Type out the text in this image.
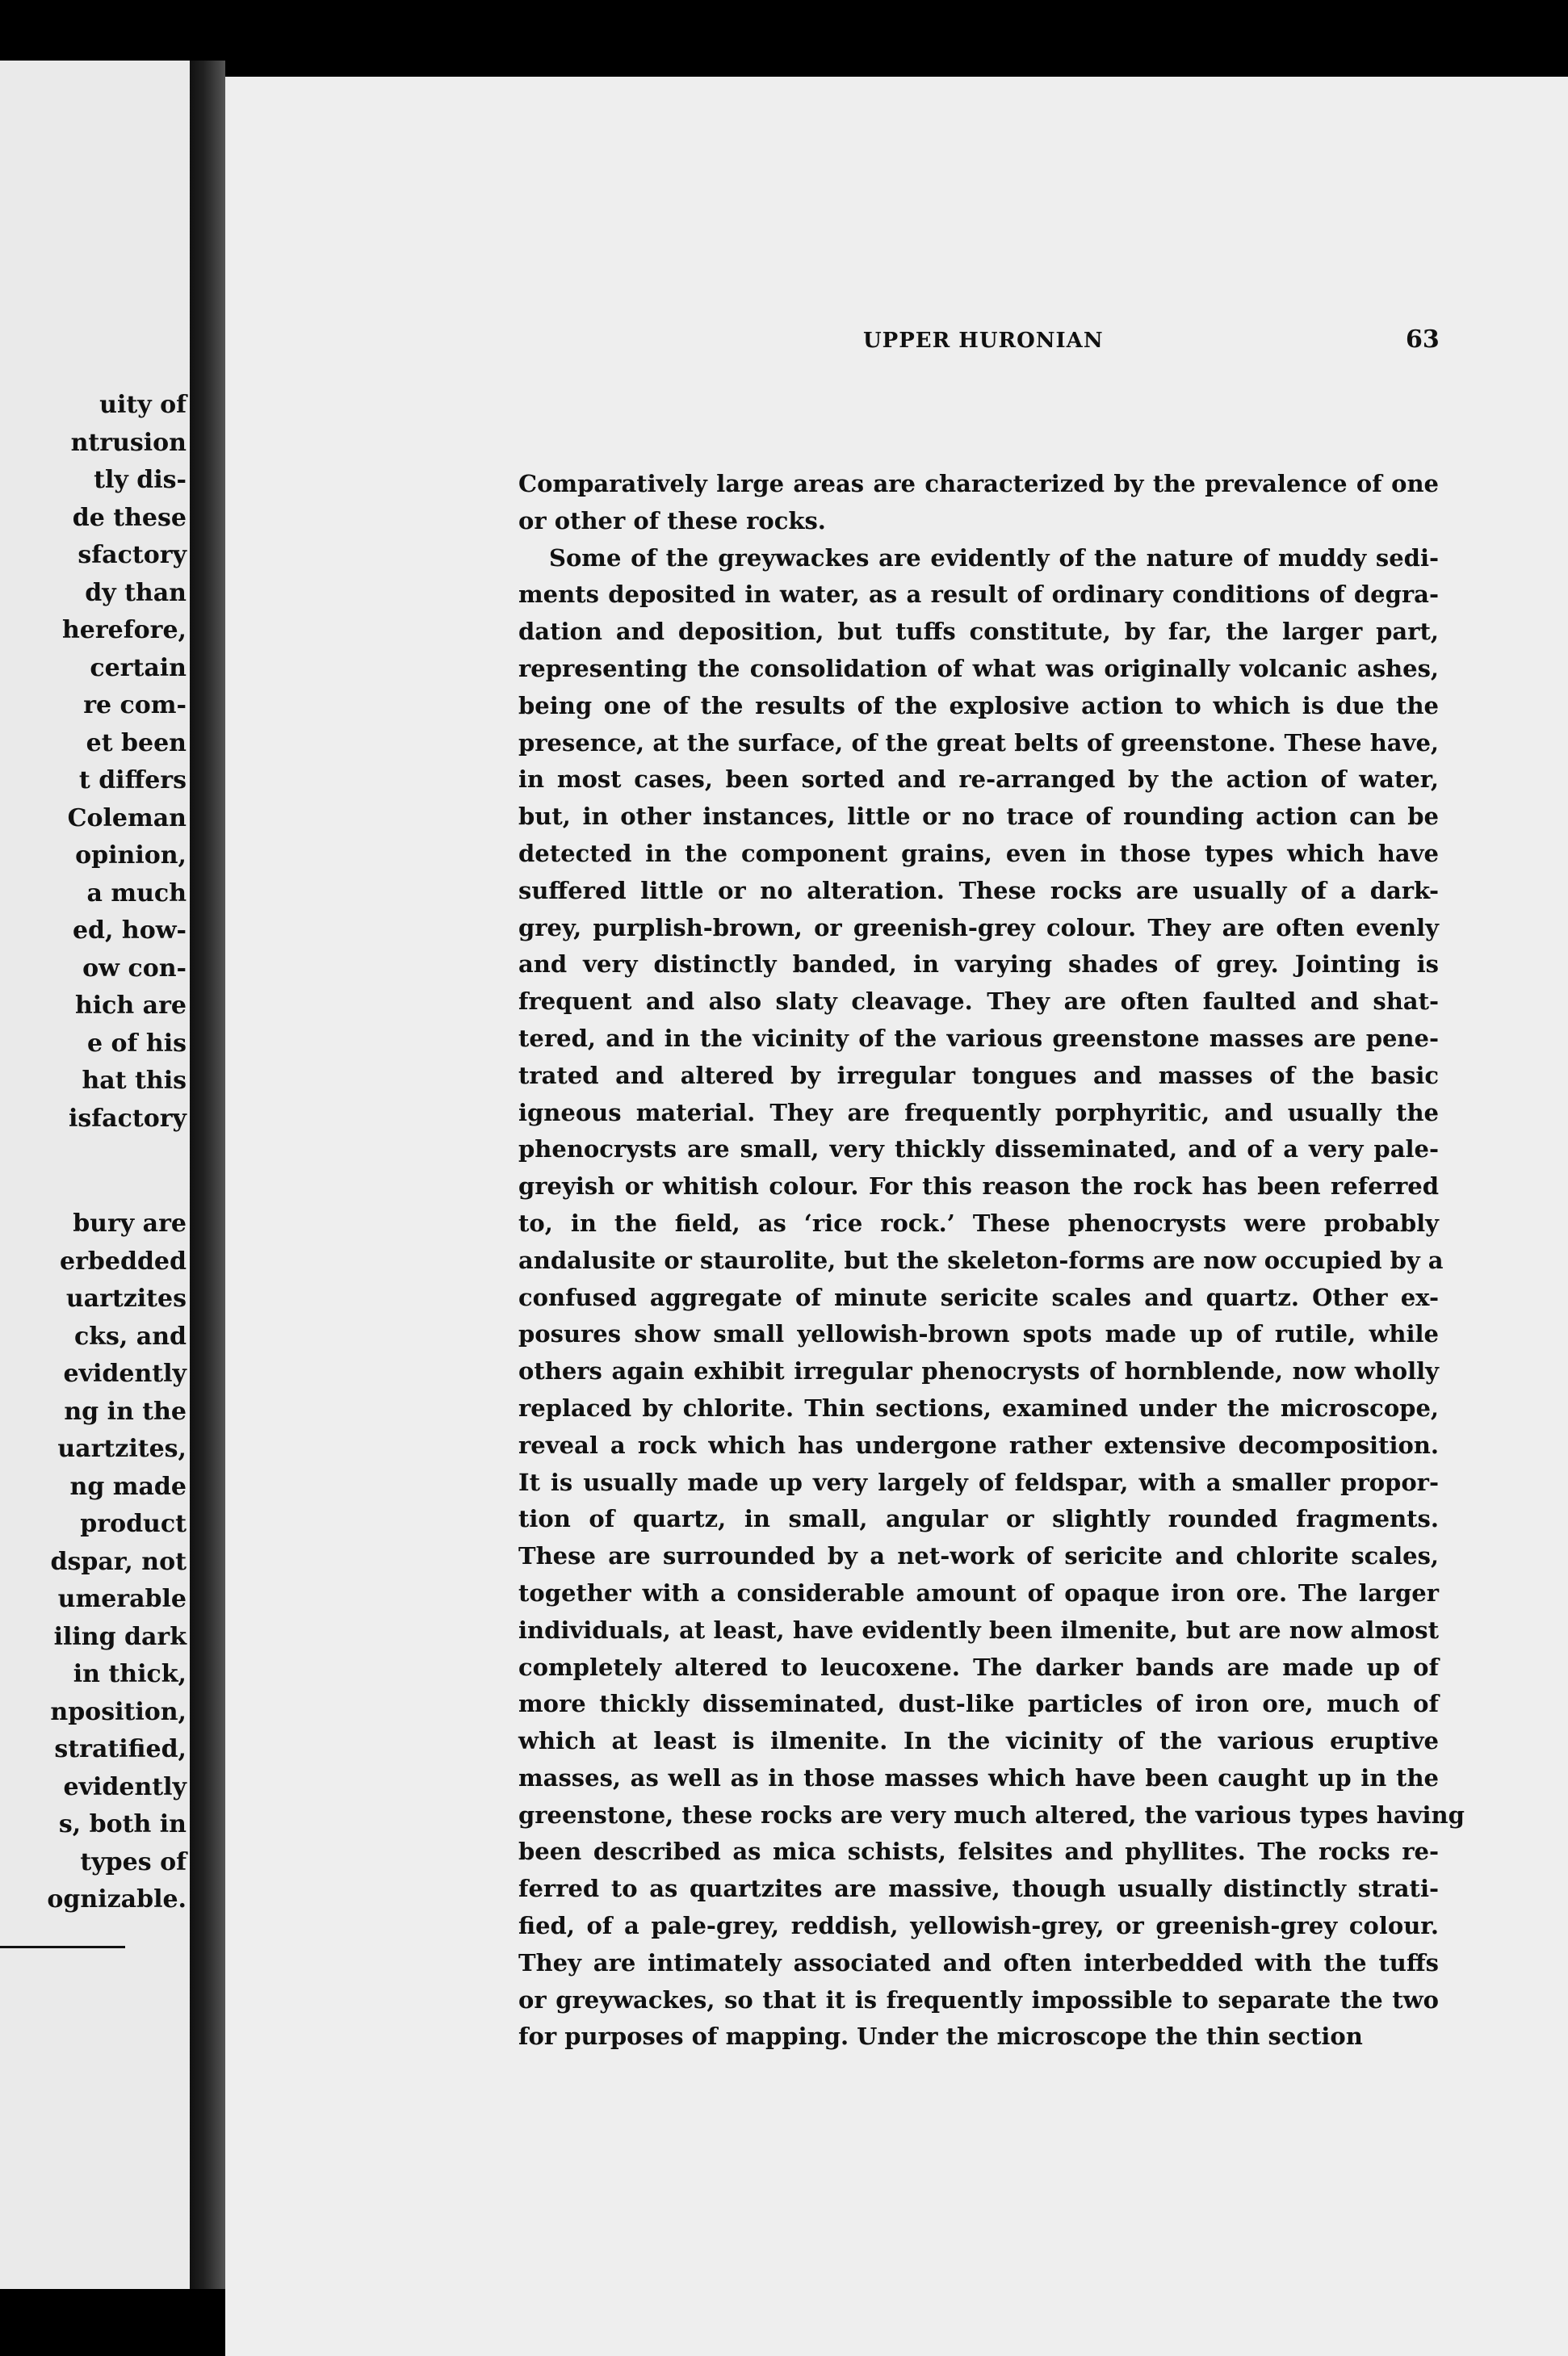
uity of
ntrusion
tly dis-
de these
sfactory
dy than
herefore,
certain
re com-
et been
t differs
Coleman
opinion,
a much
ed, how-
ow con-
hich are
e of his
hat this
isfactory
bury are
erbedded
uartzites
cks, and
evidently
ng in the
uartzites,
ng made
product
dspar, not
umerable
iling dark
in thick,
nposition,
stratified,
evidently
s, both in
types of
ognizable.
UPPER HURONIAN	63
Comparatively large areas are characterized by the prevalence of one
or other of these rocks.
Some of the greywackes are evidently of the nature of muddy sedi-
ments deposited in water, as a result of ordinary conditions of degra-
dation and deposition, but tuffs constitute, by far, the larger part,
representing the consolidation of what was originally volcanic ashes,
being one of the results of the explosive action to which is due the
presence, at the surface, of the great belts of greenstone. These have,
in most cases, been sorted and re-arranged by the action of water,
but, in other instances, little or no trace of rounding action can be
detected in the component grains, even in those types which have
suffered little or no alteration. These rocks are usually of a dark-
grey, purplish-brown, or greenish-grey colour. They are often evenly
and very distinctly banded, in varying shades of grey. Jointing is
frequent and also slaty cleavage. They are often faulted and shat-
tered, and in the vicinity of the various greenstone masses are pene-
trated and altered by irregular tongues and masses of the basic
igneous material. They are frequently porphyritic, and usually the
phenocrysts are small, very thickly disseminated, and of a very pale-
greyish or whitish colour. For this reason the rock has been referred
to, in the field, as ‘rice rock.’ These phenocrysts were probably
andalusite or staurolite, but the skeleton-forms are now occupied by a
confused aggregate of minute sericite scales and quartz. Other ex-
posures show small yellowish-brown spots made up of rutile, while
others again exhibit irregular phenocrysts of hornblende, now wholly
replaced by chlorite. Thin sections, examined under the microscope,
reveal a rock which has undergone rather extensive decomposition.
It is usually made up very largely of feldspar, with a smaller propor-
tion of quartz, in small, angular or slightly rounded fragments.
These are surrounded by a net-work of sericite and chlorite scales,
together with a considerable amount of opaque iron ore. The larger
individuals, at least, have evidently been ilmenite, but are now almost
completely altered to leucoxene. The darker bands are made up of
more thickly disseminated, dust-like particles of iron ore, much of
which at least is ilmenite. In the vicinity of the various eruptive
masses, as well as in those masses which have been caught up in the
greenstone, these rocks are very much altered, the various types having
been described as mica schists, felsites and phyllites. The rocks re-
ferred to as quartzites are massive, though usually distinctly strati-
fied, of a pale-grey, reddish, yellowish-grey, or greenish-grey colour.
They are intimately associated and often interbedded with the tuffs
or greywackes, so that it is frequently impossible to separate the two
for purposes of mapping. Under the microscope the thin section
